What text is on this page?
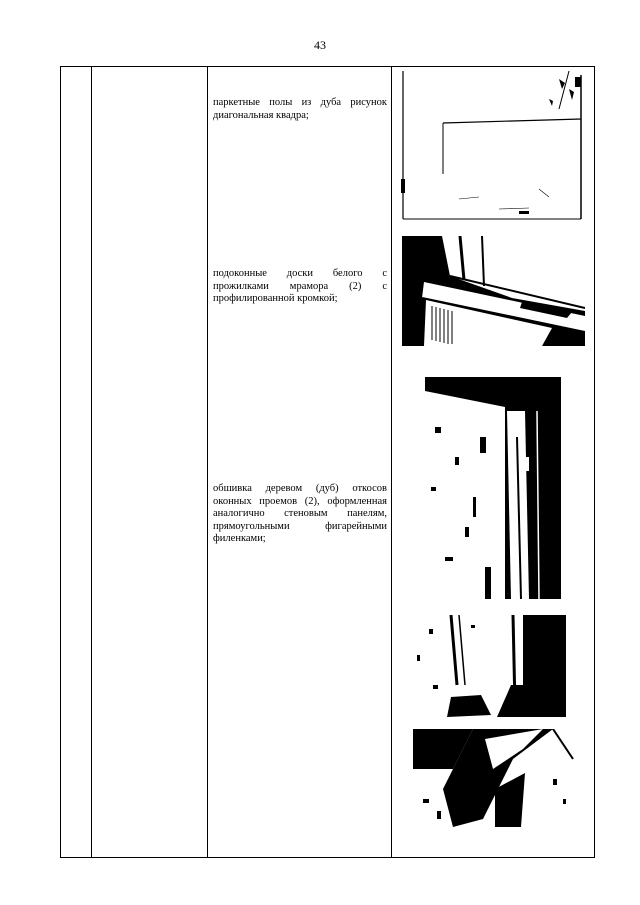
43

паркетные полы из дуба рисунок диагональная квадра;

подоконные доски белого с прожилками мрамора (2) с профилированной кромкой;

обшивка деревом (дуб) откосов оконных проемов (2), оформленная аналогично стеновым панелям, прямоугольными фигарейными филенками;
